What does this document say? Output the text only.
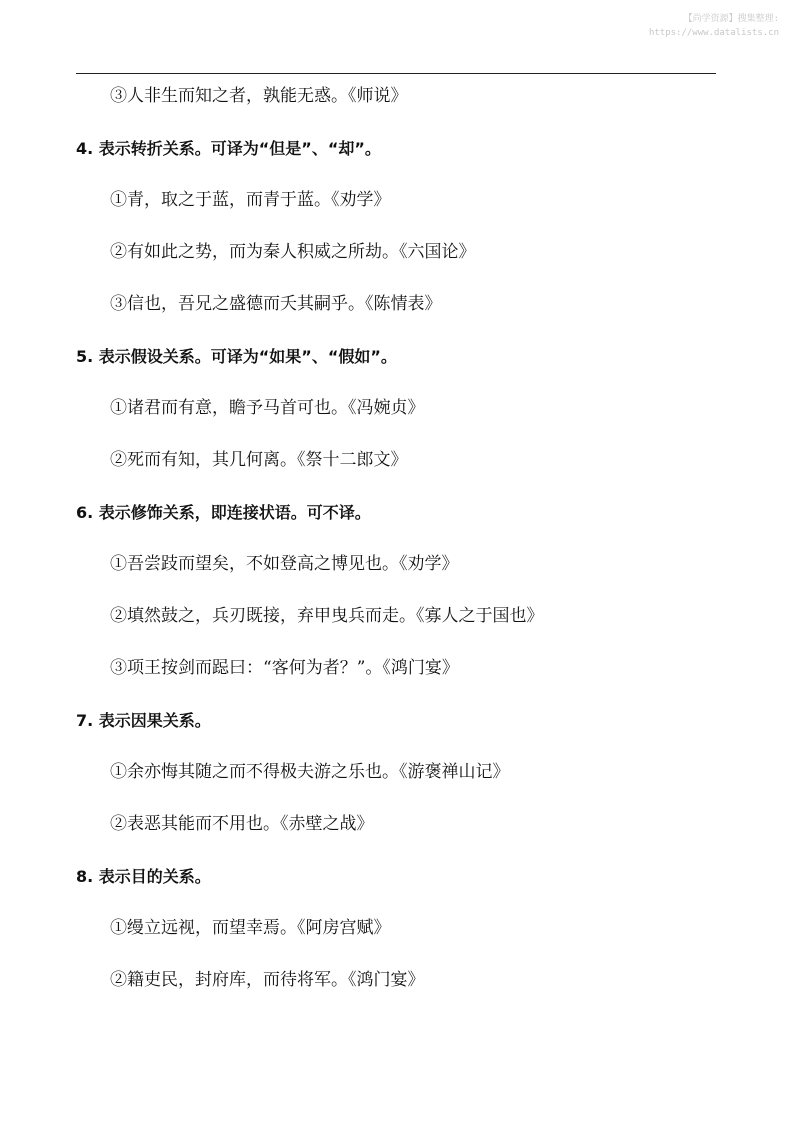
【尚学资源】搜集整理:
https://www.datalists.cn
③人非生而知之者，孰能无惑。《师说》
4. 表示转折关系。可译为“但是”、“却”。
①青，取之于蓝，而青于蓝。《劝学》
②有如此之势，而为秦人积威之所劫。《六国论》
③信也，吾兄之盛德而夭其嗣乎。《陈情表》
5. 表示假设关系。可译为“如果”、“假如”。
①诸君而有意，瞻予马首可也。《冯婉贞》
②死而有知，其几何离。《祭十二郎文》
6. 表示修饰关系，即连接状语。可不译。
①吾尝跂而望矣，不如登高之博见也。《劝学》
②填然鼓之，兵刃既接，弃甲曳兵而走。《寡人之于国也》
③项王按剑而跽曰：“客何为者？”。《鸿门宴》
7. 表示因果关系。
①余亦悔其随之而不得极夫游之乐也。《游褒禅山记》
②表恶其能而不用也。《赤壁之战》
8. 表示目的关系。
①缦立远视，而望幸焉。《阿房宫赋》
②籍吏民，封府库，而待将军。《鸿门宴》
